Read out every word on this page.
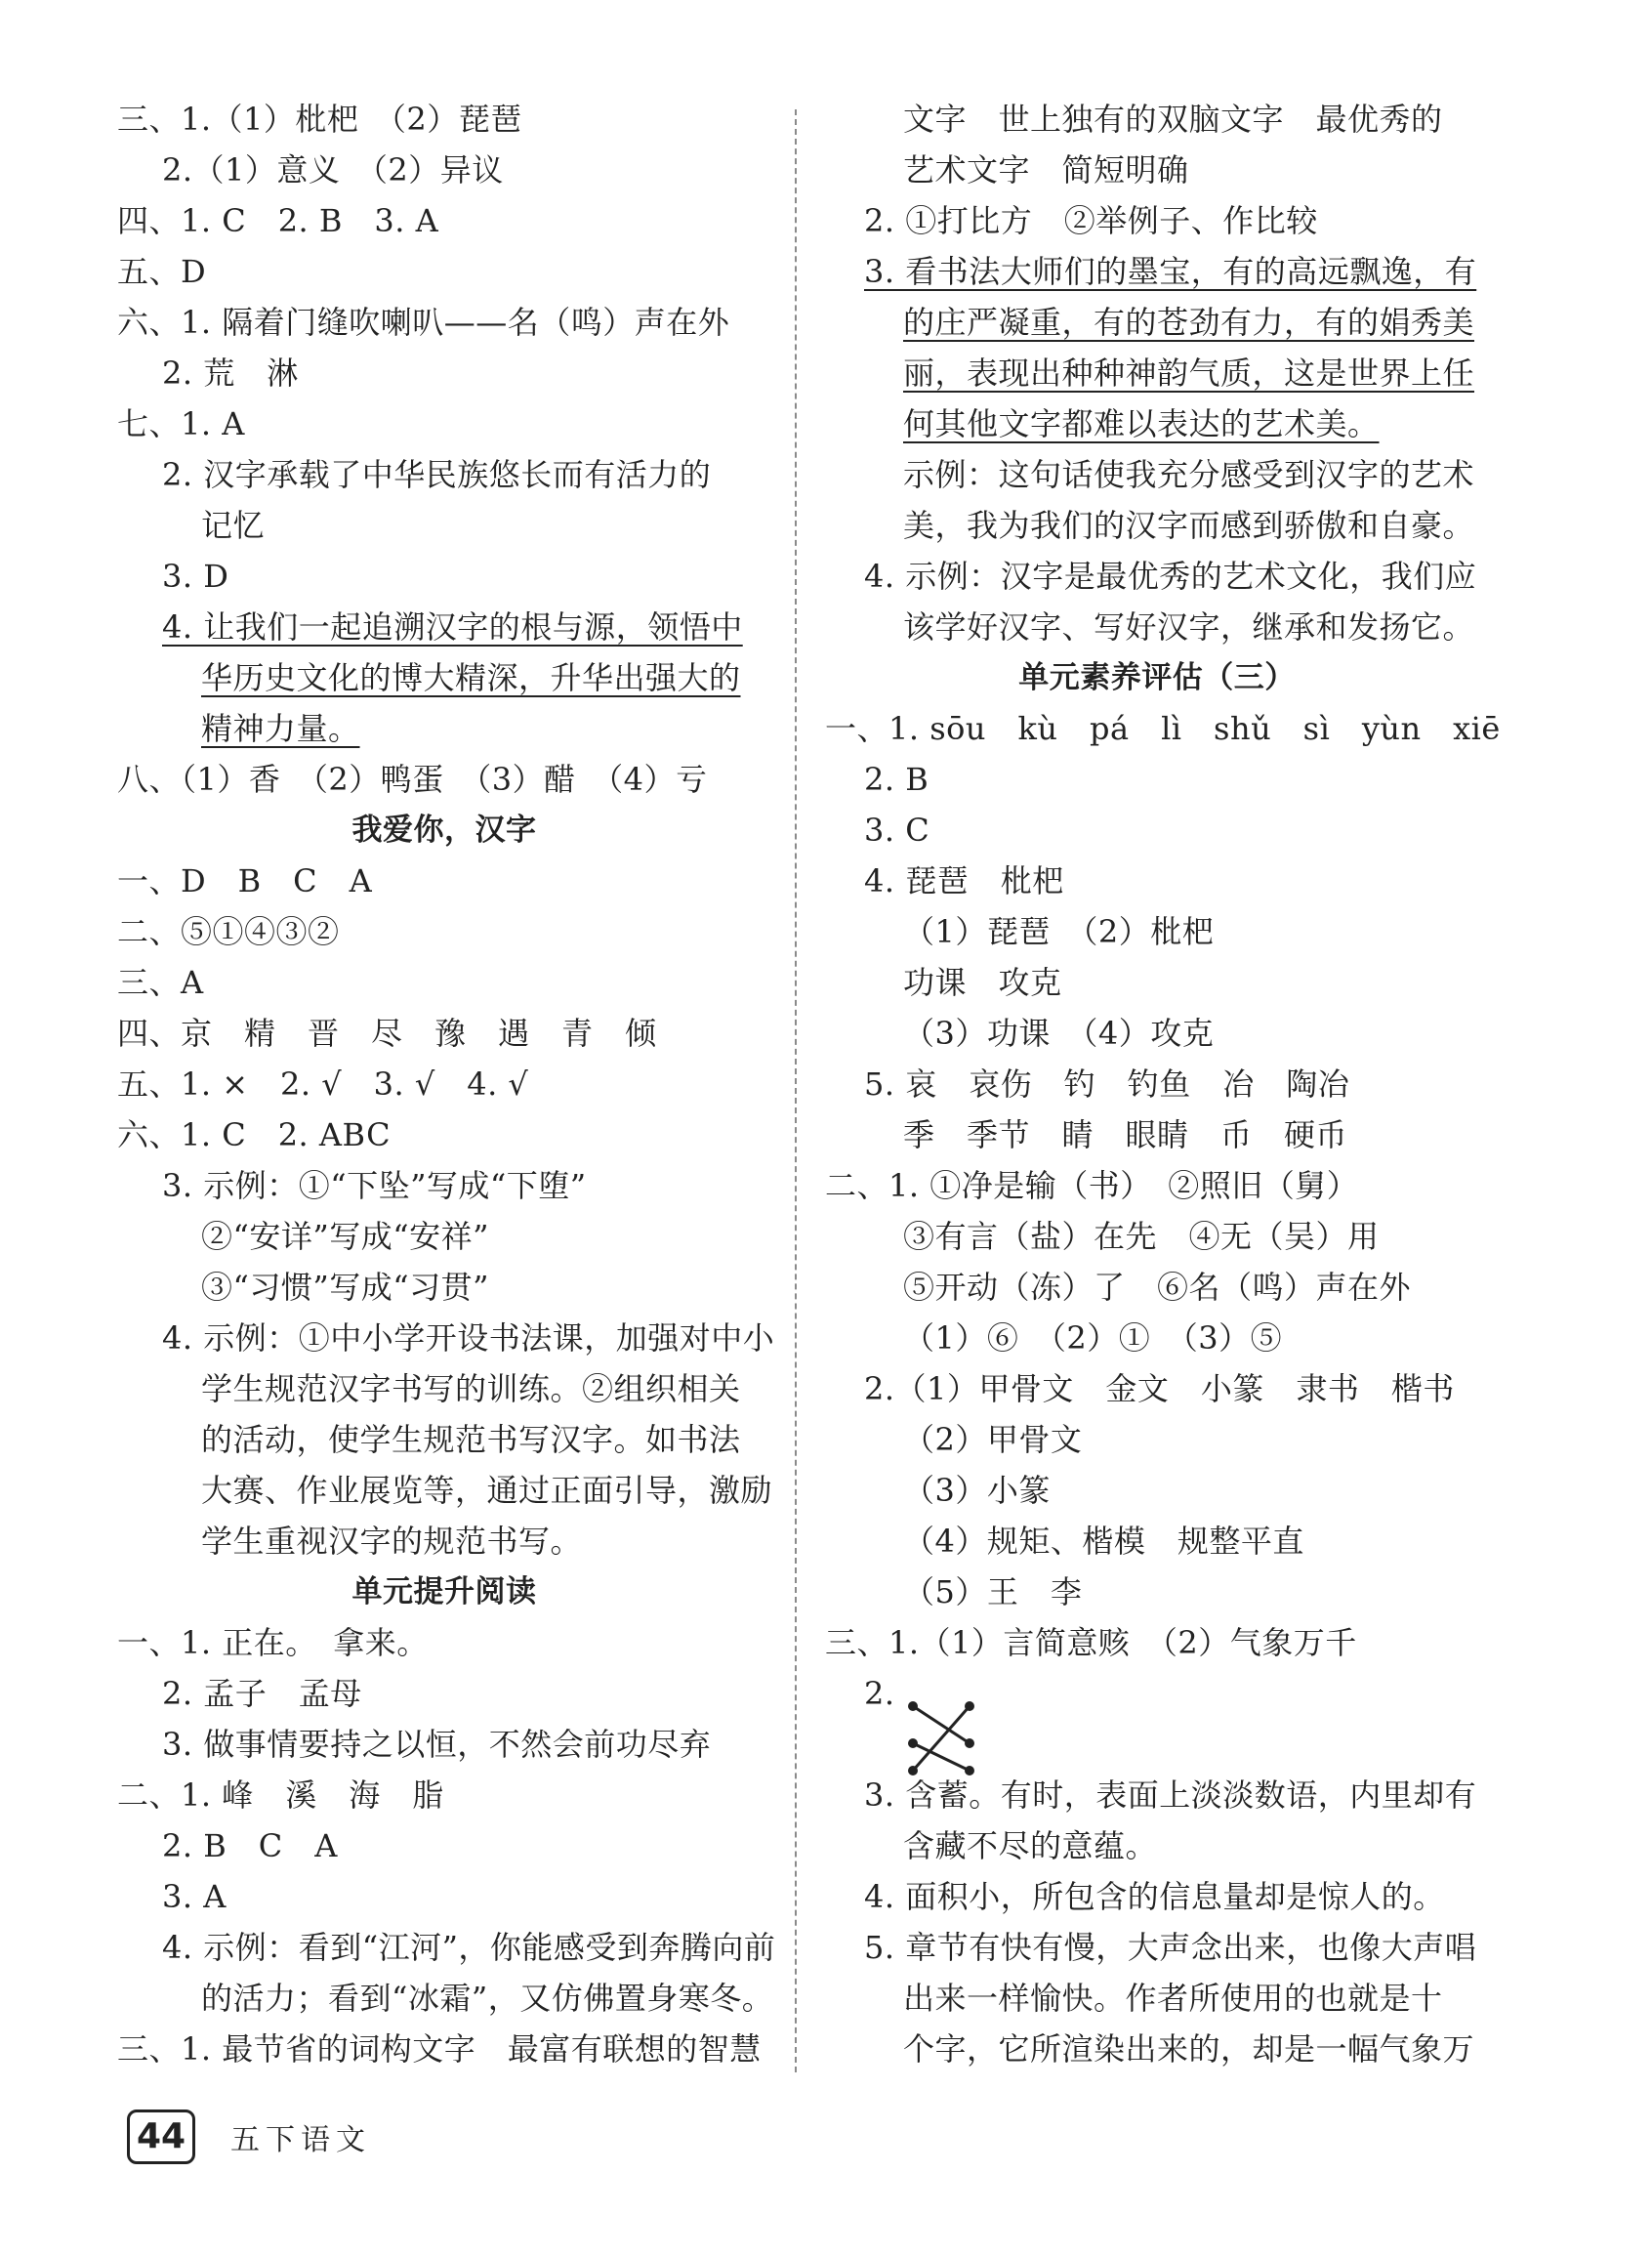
三、1.（1）枇杷　（2）琵琶
2.（1）意义　（2）异议
四、1. C　2. B　3. A
五、D
六、1. 隔着门缝吹喇叭——名（鸣）声在外
2. 荒　淋
七、1. A
2. 汉字承载了中华民族悠长而有活力的
记忆
3. D
4. 让我们一起追溯汉字的根与源，领悟中
华历史文化的博大精深，升华出强大的
精神力量。
八、（1）香　（2）鸭蛋　（3）醋　（4）亏
我爱你，汉字
一、D　B　C　A
二、⑤①④③②
三、A
四、京　精　晋　尽　豫　遇　青　倾
五、1. ×　2. √　3. √　4. √
六、1. C　2. ABC
3. 示例：①“下坠”写成“下堕”
②“安详”写成“安祥”
③“习惯”写成“习贯”
4. 示例：①中小学开设书法课，加强对中小
学生规范汉字书写的训练。②组织相关
的活动，使学生规范书写汉字。如书法
大赛、作业展览等，通过正面引导，激励
学生重视汉字的规范书写。
单元提升阅读
一、1. 正在。　拿来。
2. 孟子　孟母
3. 做事情要持之以恒，不然会前功尽弃
二、1. 峰　溪　海　脂
2. B　C　A
3. A
4. 示例：看到“江河”，你能感受到奔腾向前
的活力；看到“冰霜”，又仿佛置身寒冬。
三、1. 最节省的词构文字　最富有联想的智慧
文字　世上独有的双脑文字　最优秀的
艺术文字　简短明确
2. ①打比方　②举例子、作比较
3. 看书法大师们的墨宝，有的高远飘逸，有
的庄严凝重，有的苍劲有力，有的娟秀美
丽，表现出种种神韵气质，这是世界上任
何其他文字都难以表达的艺术美。
示例：这句话使我充分感受到汉字的艺术
美，我为我们的汉字而感到骄傲和自豪。
4. 示例：汉字是最优秀的艺术文化，我们应
该学好汉字、写好汉字，继承和发扬它。
单元素养评估（三）
一、1. sōu　kù　pá　lì　shǔ　sì　yùn　xiē
2. B
3. C
4. 琵琶　枇杷
（1）琵琶　（2）枇杷
功课　攻克
（3）功课　（4）攻克
5. 哀　哀伤　钓　钓鱼　冶　陶冶
季　季节　睛　眼睛　币　硬币
二、1. ①净是输（书）　②照旧（舅）
③有言（盐）在先　④无（吴）用
⑤开动（冻）了　⑥名（鸣）声在外
（1）⑥　（2）①　（3）⑤
2.（1）甲骨文　金文　小篆　隶书　楷书
（2）甲骨文
（3）小篆
（4）规矩、楷模　规整平直
（5）王　李
三、1.（1）言简意赅　（2）气象万千
2.
3. 含蓄。有时，表面上淡淡数语，内里却有
含藏不尽的意蕴。
4. 面积小，所包含的信息量却是惊人的。
5. 章节有快有慢，大声念出来，也像大声唱
出来一样愉快。作者所使用的也就是十
个字，它所渲染出来的，却是一幅气象万
44	五下语文
